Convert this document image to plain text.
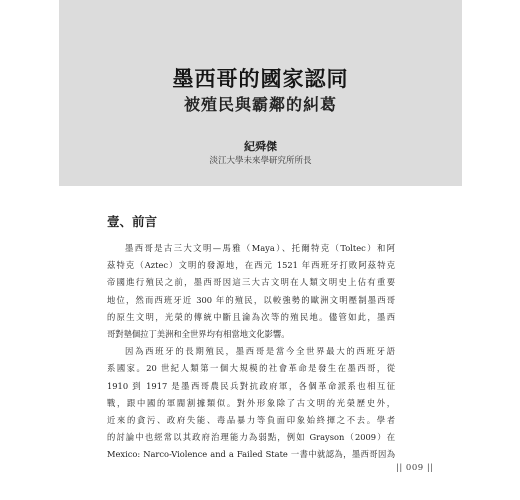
墨西哥的國家認同
被殖民與霸鄰的糾葛

紀舜傑

淡江大學未來學研究所所長

壹、前言
墨西哥是古三大文明—馬雅（Maya）、托爾特克（Toltec）和阿
茲特克（Aztec）文明的發源地，在西元 1521 年西班牙打敗阿茲特克
帝國進行殖民之前，墨西哥因這三大古文明在人類文明史上佔有重要
地位，然而西班牙近 300 年的殖民，以較強勢的歐洲文明壓制墨西哥
的原生文明，光榮的傳統中斷且淪為次等的殖民地。儘管如此，墨西
哥對墊個拉丁美洲和全世界均有相當地文化影響。
因為西班牙的長期殖民，墨西哥是當今全世界最大的西班牙語
系國家。20 世紀人類第一個大規模的社會革命是發生在墨西哥，從
1910 到 1917 是墨西哥農民兵對抗政府軍，各個革命派系也相互征
戰，跟中國的軍閥割據類似。對外形象除了古文明的光榮歷史外，
近來的貪污、政府失能、毒品暴力等負面印象始終揮之不去。學者
的討論中也經常以其政府治理能力為弱點，例如 Grayson（2009）在
Mexico: Narco-Violence and a Failed State 一書中就認為，墨西哥因為

|| 009 ||
